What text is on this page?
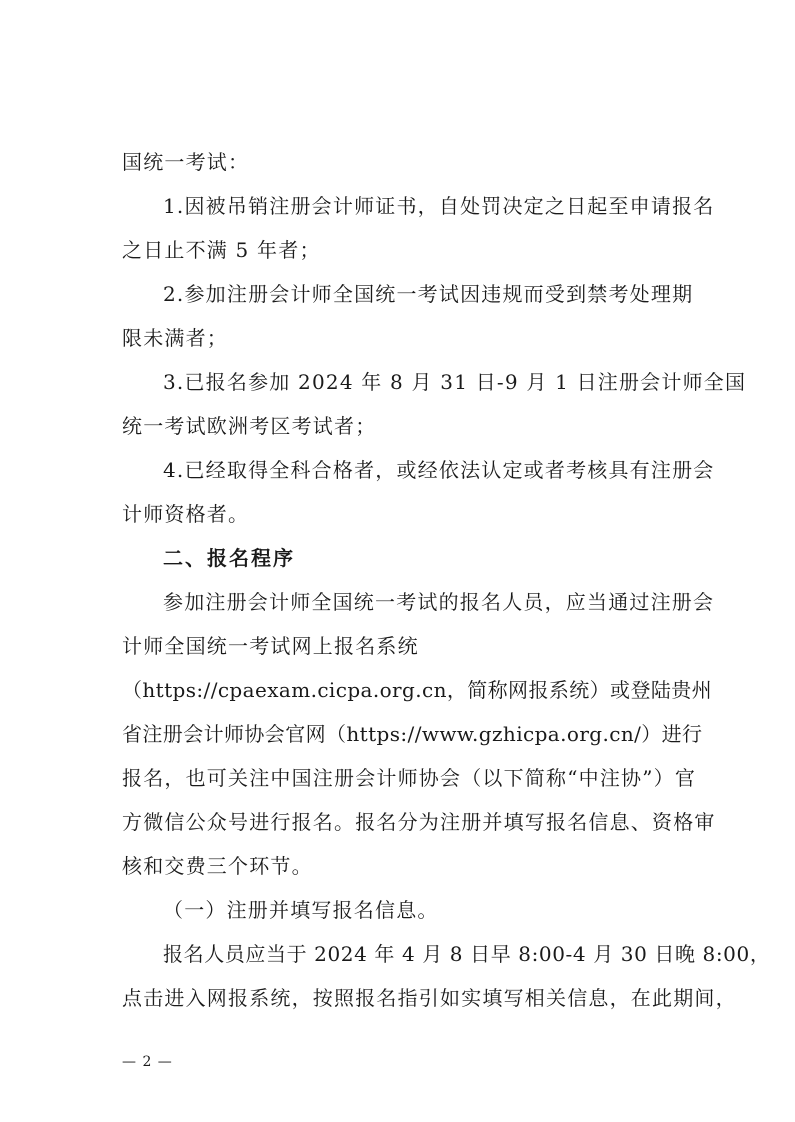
国统一考试：
1.因被吊销注册会计师证书，自处罚决定之日起至申请报名
之日止不满 5 年者；
2.参加注册会计师全国统一考试因违规而受到禁考处理期
限未满者；
3.已报名参加 2024 年 8 月 31 日-9 月 1 日注册会计师全国
统一考试欧洲考区考试者；
4.已经取得全科合格者，或经依法认定或者考核具有注册会
计师资格者。
二、报名程序
参加注册会计师全国统一考试的报名人员，应当通过注册会
计师全国统一考试网上报名系统
（https://cpaexam.cicpa.org.cn，简称网报系统）或登陆贵州
省注册会计师协会官网（https://www.gzhicpa.org.cn/）进行
报名，也可关注中国注册会计师协会（以下简称“中注协”）官
方微信公众号进行报名。报名分为注册并填写报名信息、资格审
核和交费三个环节。
（一）注册并填写报名信息。
报名人员应当于 2024 年 4 月 8 日早 8:00-4 月 30 日晚 8:00，
点击进入网报系统，按照报名指引如实填写相关信息，在此期间，
— 2 —
